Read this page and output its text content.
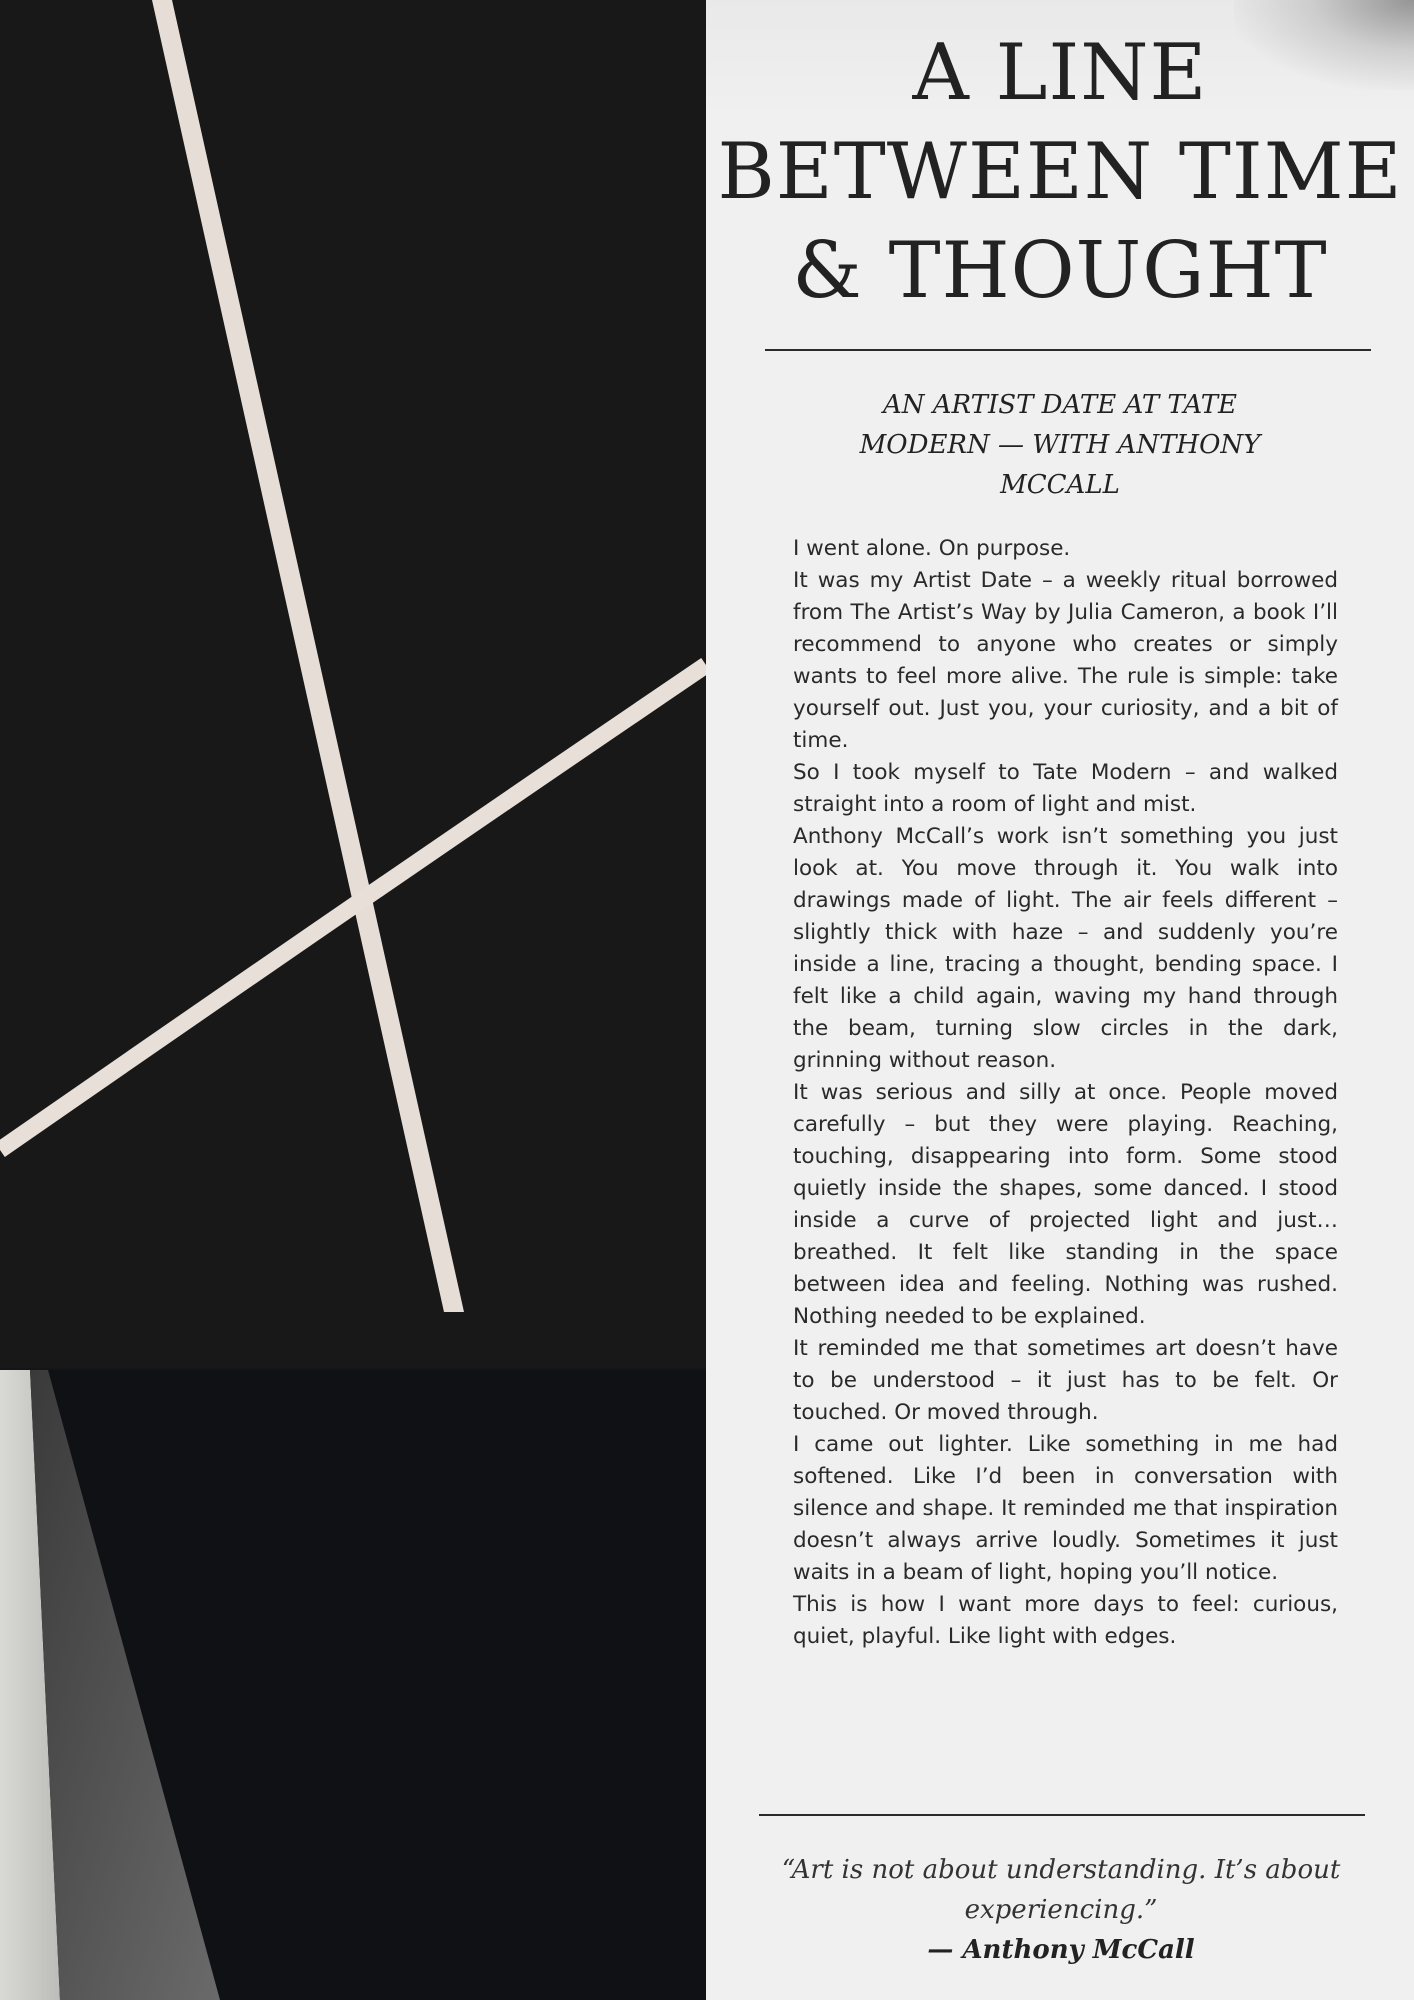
A LINE
BETWEEN TIME
& THOUGHT
AN ARTIST DATE AT TATE MODERN — WITH ANTHONY MCCALL

I went alone. On purpose.

It was my Artist Date – a weekly ritual borrowed from The Artist’s Way by Julia Cameron, a book I’ll recommend to anyone who creates or simply wants to feel more alive. The rule is simple: take yourself out. Just you, your curiosity, and a bit of time.

So I took myself to Tate Modern – and walked straight into a room of light and mist.

Anthony McCall’s work isn’t something you just look at. You move through it. You walk into drawings made of light. The air feels different – slightly thick with haze – and suddenly you’re inside a line, tracing a thought, bending space. I felt like a child again, waving my hand through the beam, turning slow circles in the dark, grinning without reason.

It was serious and silly at once. People moved carefully – but they were playing. Reaching, touching, disappearing into form. Some stood quietly inside the shapes, some danced. I stood inside a curve of projected light and just… breathed. It felt like standing in the space between idea and feeling. Nothing was rushed. Nothing needed to be explained.

It reminded me that sometimes art doesn’t have to be understood – it just has to be felt. Or touched. Or moved through.

I came out lighter. Like something in me had softened. Like I’d been in conversation with silence and shape. It reminded me that inspiration doesn’t always arrive loudly. Sometimes it just waits in a beam of light, hoping you’ll notice.

This is how I want more days to feel: curious, quiet, playful. Like light with edges.

“Art is not about understanding. It’s about experiencing.”

— Anthony McCall
